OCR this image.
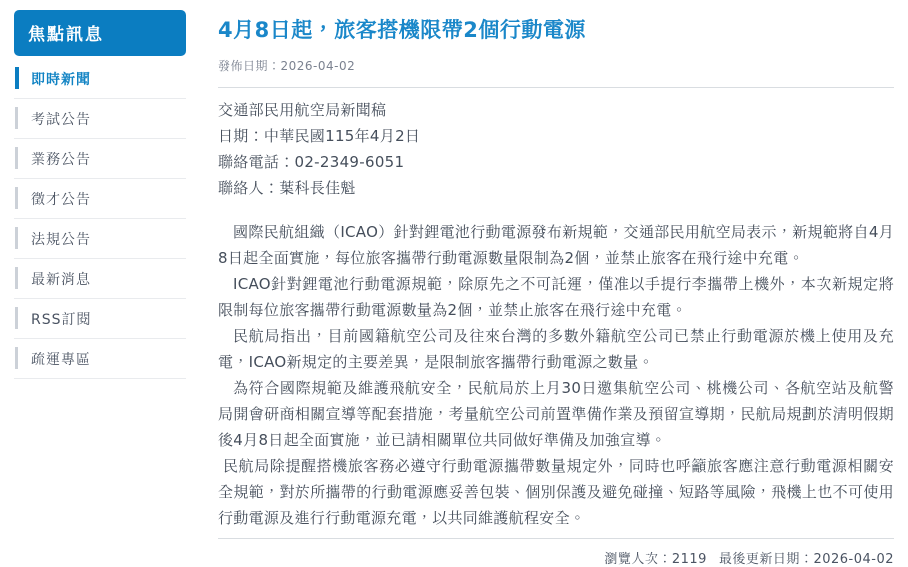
焦點訊息
即時新聞
考試公告
業務公告
徵才公告
法規公告
最新消息
RSS訂閱
疏運專區
4月8日起，旅客搭機限帶2個行動電源
發佈日期：2026-04-02

交通部民用航空局新聞稿

日期：中華民國115年4月2日

聯絡電話：02-2349-6051

聯絡人：葉科長佳魁

國際民航組織（ICAO）針對鋰電池行動電源發布新規範，交通部民用航空局表示，新規範將自4月8日起全面實施，每位旅客攜帶行動電源數量限制為2個，並禁止旅客在飛行途中充電。

ICAO針對鋰電池行動電源規範，除原先之不可託運，僅准以手提行李攜帶上機外，本次新規定將限制每位旅客攜帶行動電源數量為2個，並禁止旅客在飛行途中充電。

民航局指出，目前國籍航空公司及往來台灣的多數外籍航空公司已禁止行動電源於機上使用及充電，ICAO新規定的主要差異，是限制旅客攜帶行動電源之數量。

為符合國際規範及維護飛航安全，民航局於上月30日邀集航空公司、桃機公司、各航空站及航警局開會研商相關宣導等配套措施，考量航空公司前置準備作業及預留宣導期，民航局規劃於清明假期後4月8日起全面實施，並已請相關單位共同做好準備及加強宣導。

民航局除提醒搭機旅客務必遵守行動電源攜帶數量規定外，同時也呼籲旅客應注意行動電源相關安全規範，對於所攜帶的行動電源應妥善包裝、個別保護及避免碰撞、短路等風險，飛機上也不可使用行動電源及進行行動電源充電，以共同維護航程安全。

瀏覽人次：2119 最後更新日期：2026-04-02
